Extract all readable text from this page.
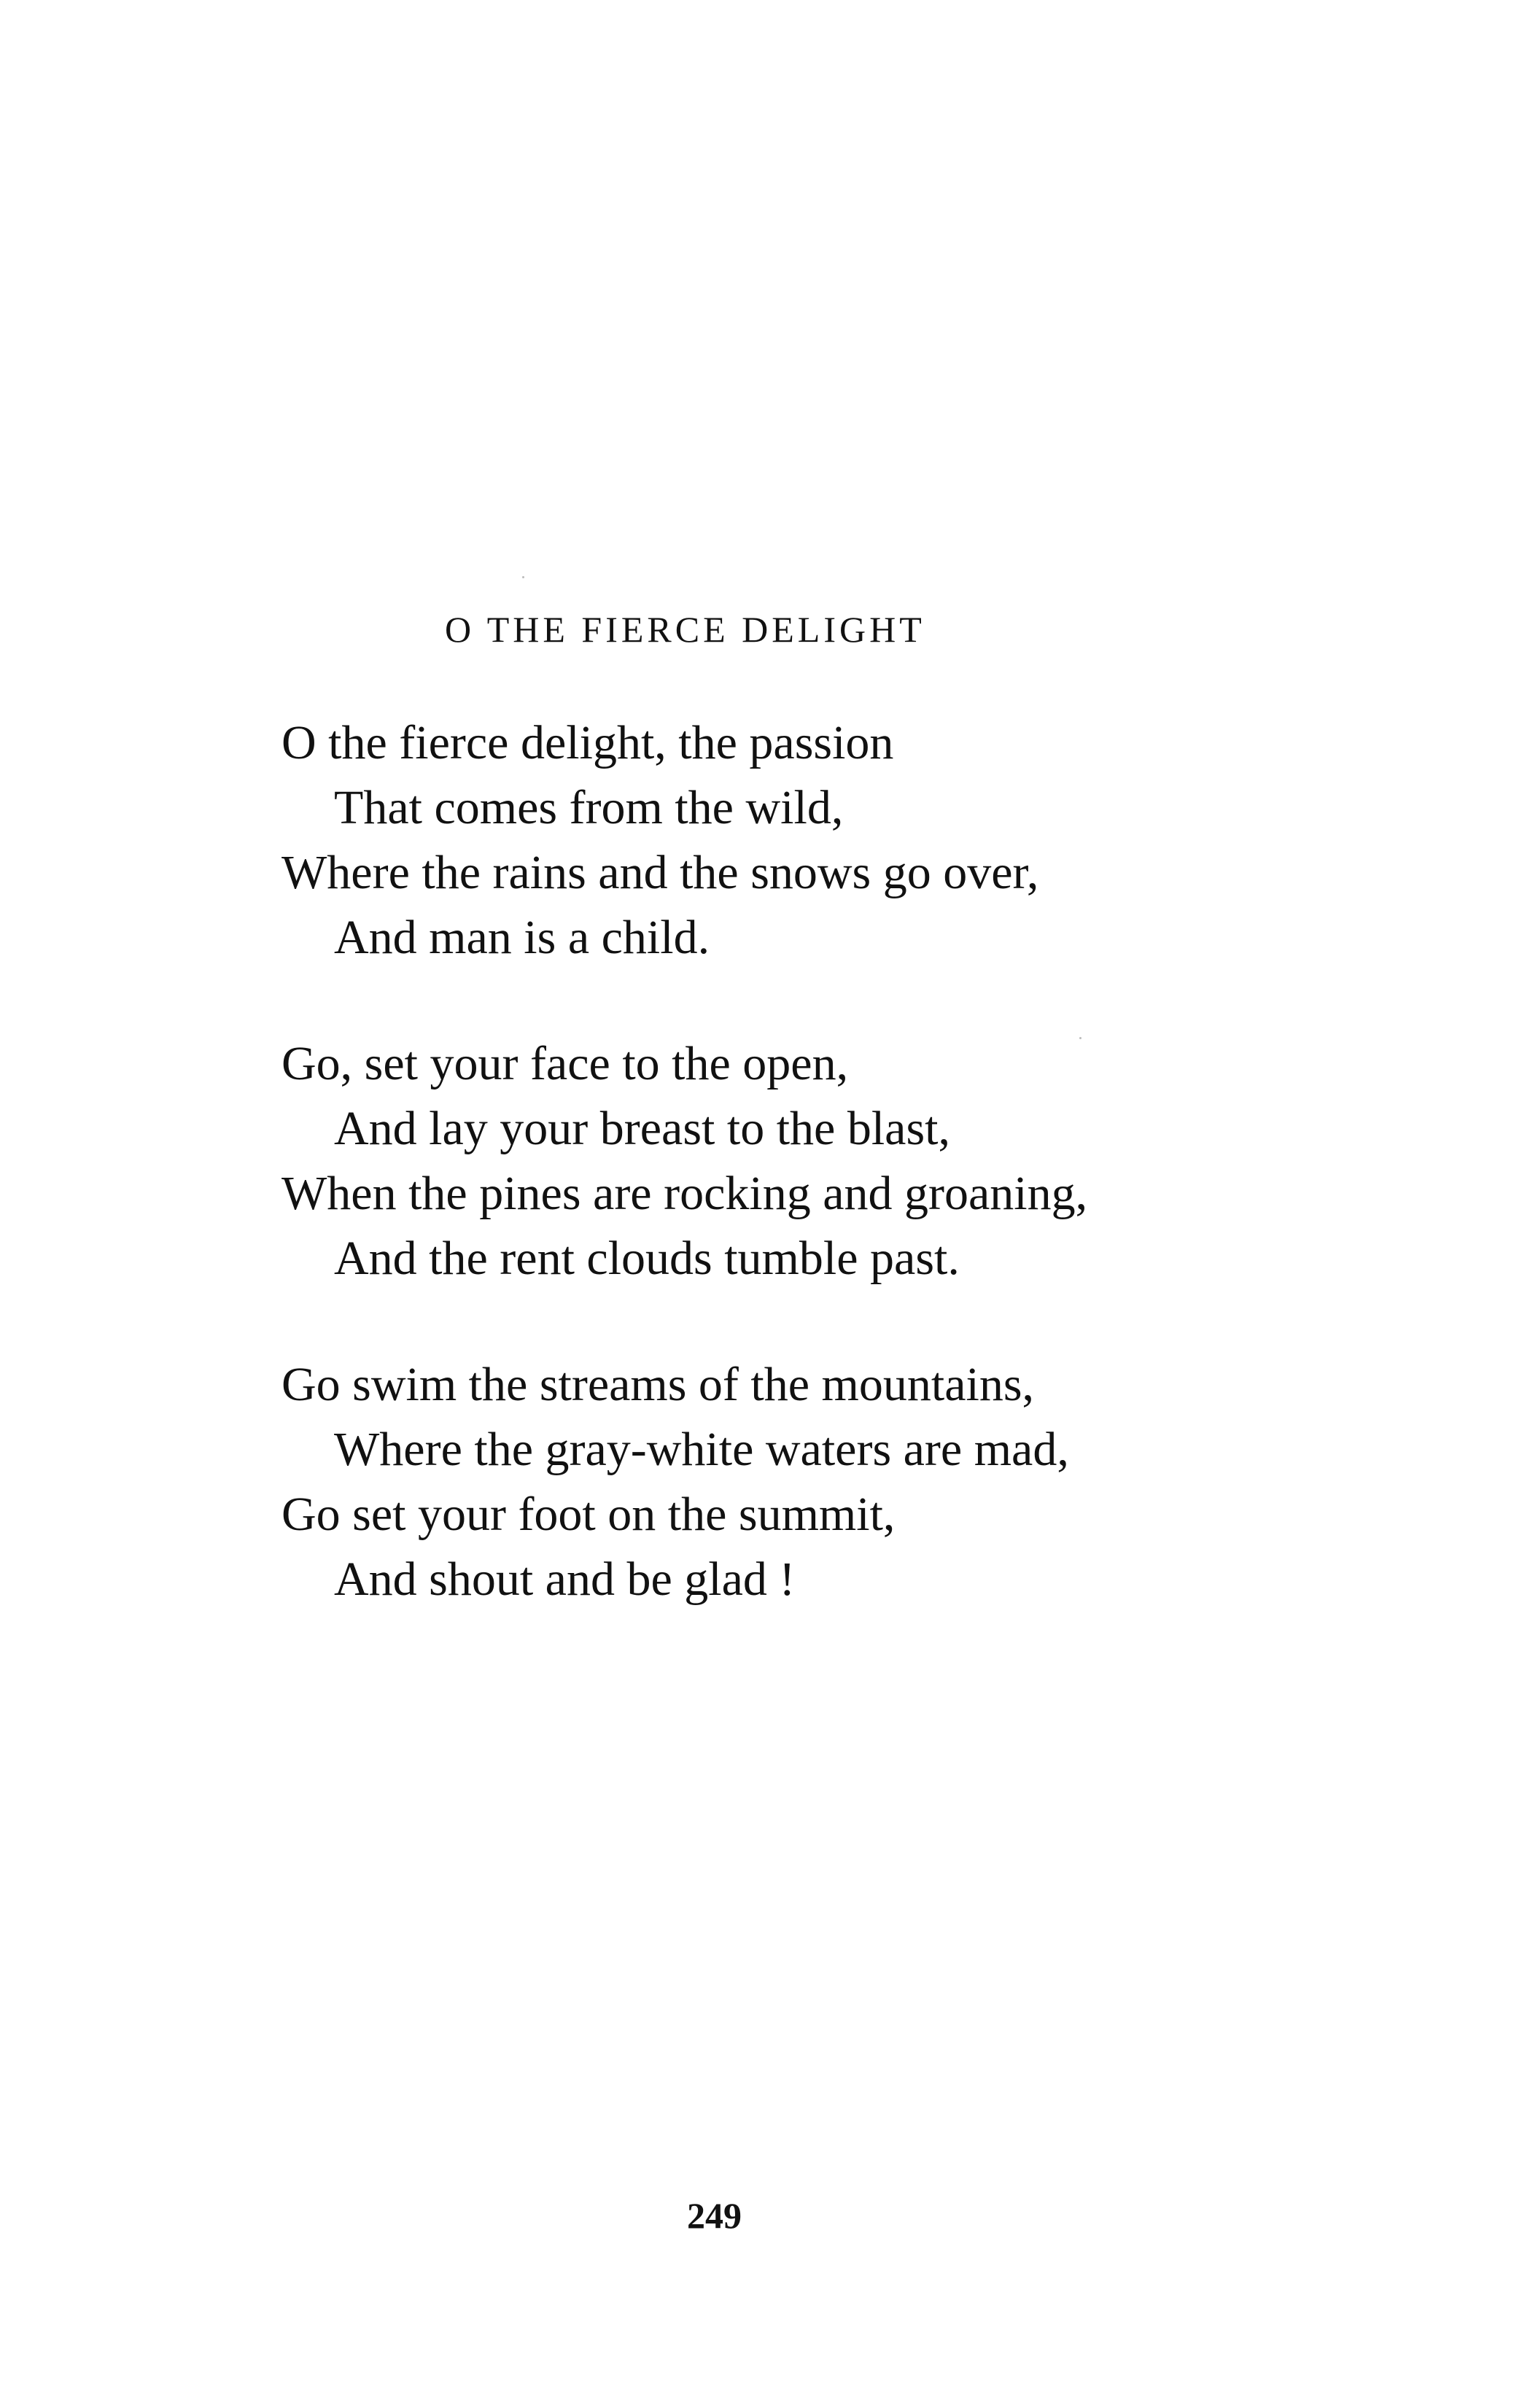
O THE FIERCE DELIGHT
O the fierce delight, the passion
That comes from the wild,
Where the rains and the snows go over,
And man is a child.
Go, set your face to the open,
And lay your breast to the blast,
When the pines are rocking and groaning,
And the rent clouds tumble past.
Go swim the streams of the mountains,
Where the gray-white waters are mad,
Go set your foot on the summit,
And shout and be glad !
249
